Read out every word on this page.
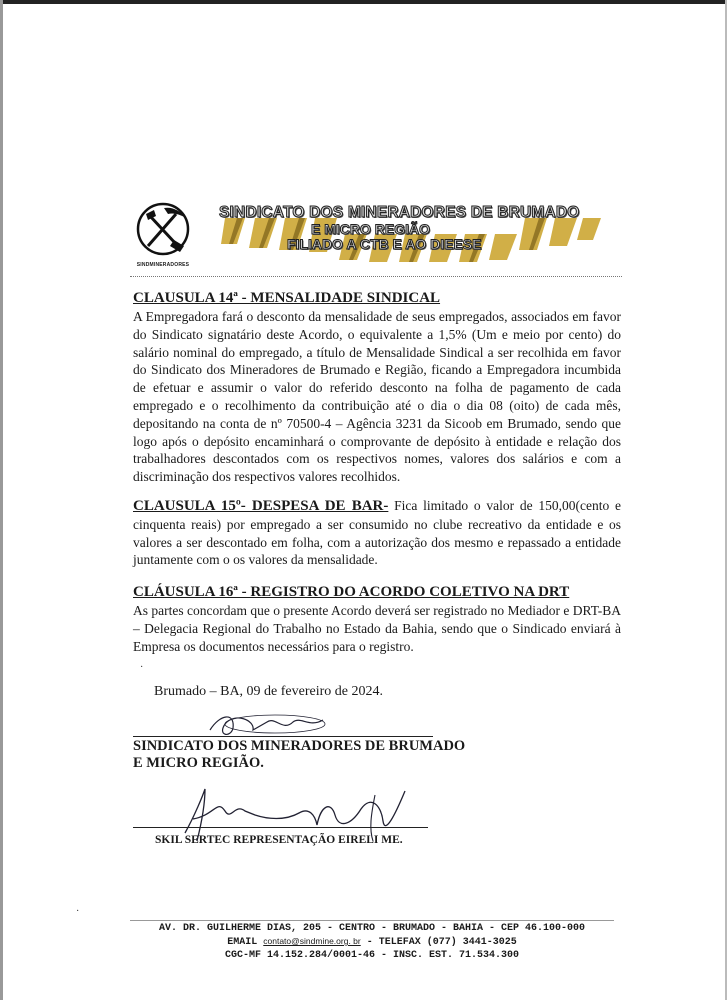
SINDMINERADORES
SINDICATO DOS MINERADORES DE BRUMADO
E MICRO REGIÃO
FILIADO A CTB E AO DIEESE
CLAUSULA 14ª - MENSALIDADE SINDICAL
A Empregadora fará o desconto da mensalidade de seus empregados, associados em favor do Sindicato signatário deste Acordo, o equivalente a 1,5% (Um e meio por cento) do salário nominal do empregado, a título de Mensalidade Sindical a ser recolhida em favor do Sindicato dos Mineradores de Brumado e Região, ficando a Empregadora incumbida de efetuar e assumir o valor do referido desconto na folha de pagamento de cada empregado e o recolhimento da contribuição até o dia o dia 08 (oito) de cada mês, depositando na conta de nº 70500-4 – Agência 3231 da Sicoob em Brumado, sendo que logo após o depósito encaminhará o comprovante de depósito à entidade e relação dos trabalhadores descontados com os respectivos nomes, valores dos salários e com a discriminação dos respectivos valores recolhidos.
CLAUSULA 15º- DESPESA DE BAR- Fica limitado o valor de 150,00(cento e cinquenta reais) por empregado a ser consumido no clube recreativo da entidade e os valores a ser descontado em folha, com a autorização dos mesmo e repassado a entidade juntamente com o os valores da mensalidade.
CLÁUSULA 16ª - REGISTRO DO ACORDO COLETIVO NA DRT
As partes concordam que o presente Acordo deverá ser registrado no Mediador e DRT-BA – Delegacia Regional do Trabalho no Estado da Bahia, sendo que o Sindicado enviará à Empresa os documentos necessários para o registro.
·
Brumado – BA, 09 de fevereiro de 2024.
SINDICATO DOS MINERADORES DE BRUMADO
E MICRO REGIÃO.
SKIL SERTEC REPRESENTAÇÃO EIRELI ME.
·
AV. DR. GUILHERME DIAS, 205 - CENTRO - BRUMADO - BAHIA - CEP 46.100-000
EMAIL contato@sindmine.org. br - TELEFAX (077) 3441-3025
CGC-MF 14.152.284/0001-46 - INSC. EST. 71.534.300
